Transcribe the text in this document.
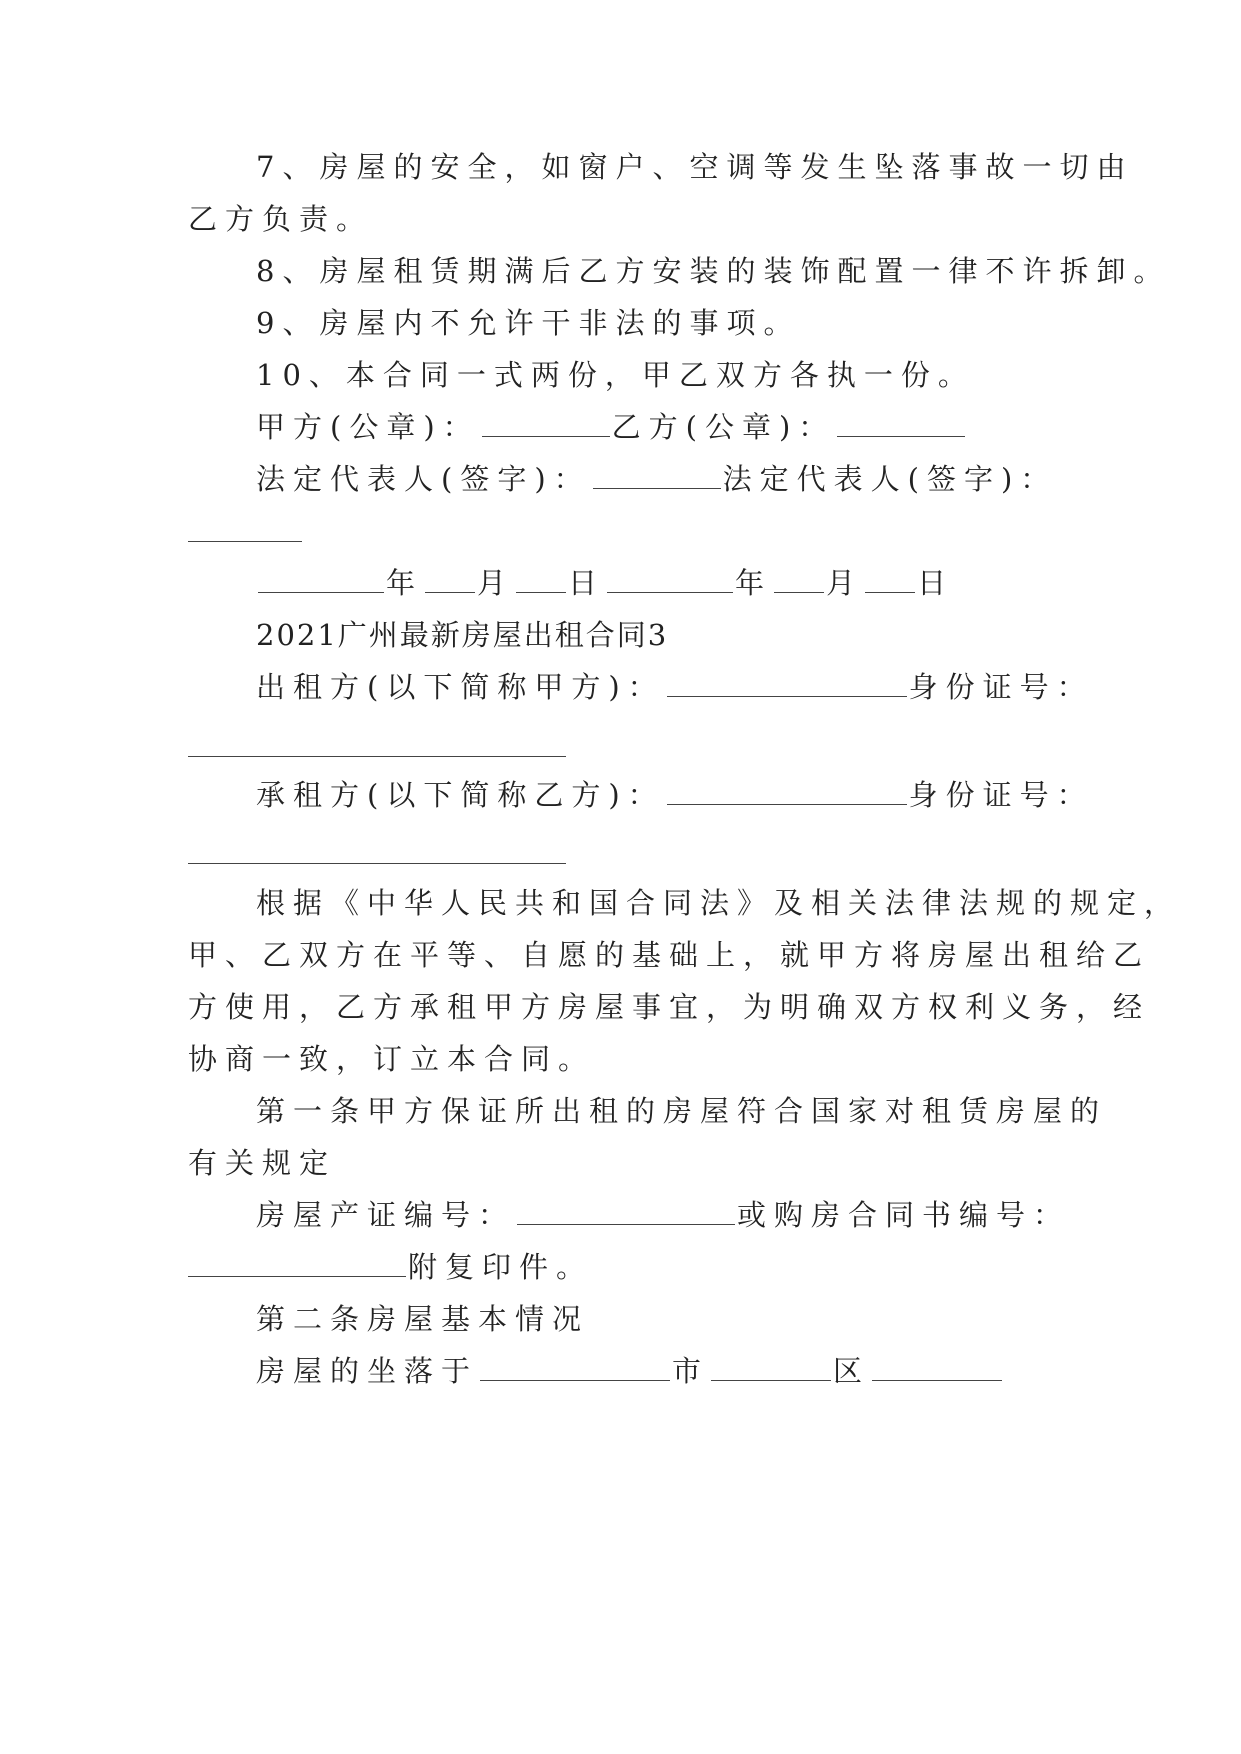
7、房屋的安全，如窗户、空调等发生坠落事故一切由
乙方负责。
8、房屋租赁期满后乙方安装的装饰配置一律不许拆卸。
9、房屋内不允许干非法的事项。
10、本合同一式两份，甲乙双方各执一份。
甲方(公章)：	乙方(公章)：
法定代表人(签字)：	法定代表人(签字)：
年 月 日	年 月 日
2021广州最新房屋出租合同3
出租方(以下简称甲方)：	身份证号：
承租方(以下简称乙方)：	身份证号：
根据《中华人民共和国合同法》及相关法律法规的规定，
甲、乙双方在平等、自愿的基础上，就甲方将房屋出租给乙
方使用，乙方承租甲方房屋事宜，为明确双方权利义务，经
协商一致，订立本合同。
第一条甲方保证所出租的房屋符合国家对租赁房屋的
有关规定
房屋产证编号：	或购房合同书编号：
附复印件。
第二条房屋基本情况
房屋的坐落于	市	区
